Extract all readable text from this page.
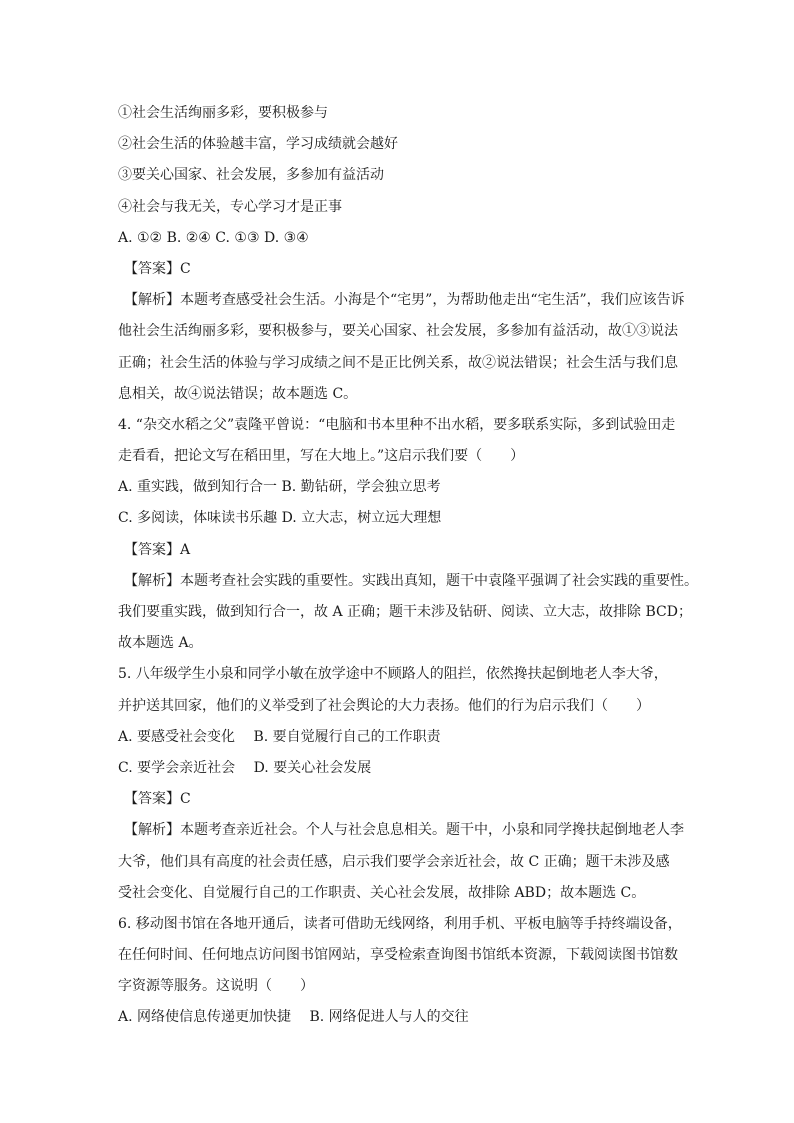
①社会生活绚丽多彩，要积极参与
②社会生活的体验越丰富，学习成绩就会越好
③要关心国家、社会发展，多参加有益活动
④社会与我无关，专心学习才是正事
A. ①② B. ②④ C. ①③ D. ③④
【答案】C
【解析】本题考查感受社会生活。小海是个“宅男”，为帮助他走出“宅生活”，我们应该告诉
他社会生活绚丽多彩，要积极参与，要关心国家、社会发展，多参加有益活动，故①③说法
正确；社会生活的体验与学习成绩之间不是正比例关系，故②说法错误；社会生活与我们息
息相关，故④说法错误；故本题选 C。
4. “杂交水稻之父”袁隆平曾说：“电脑和书本里种不出水稻，要多联系实际，多到试验田走
走看看，把论文写在稻田里，写在大地上。”这启示我们要（　　）
A. 重实践，做到知行合一 B. 勤钻研，学会独立思考
C. 多阅读，体味读书乐趣 D. 立大志，树立远大理想
【答案】A
【解析】本题考查社会实践的重要性。实践出真知，题干中袁隆平强调了社会实践的重要性。
我们要重实践，做到知行合一，故 A 正确；题干未涉及钻研、阅读、立大志，故排除 BCD；
故本题选 A。
5. 八年级学生小泉和同学小敏在放学途中不顾路人的阻拦，依然搀扶起倒地老人李大爷，
并护送其回家，他们的义举受到了社会舆论的大力表扬。他们的行为启示我们（　　）
A. 要感受社会变化　 B. 要自觉履行自己的工作职责
C. 要学会亲近社会　 D. 要关心社会发展
【答案】C
【解析】本题考查亲近社会。个人与社会息息相关。题干中，小泉和同学搀扶起倒地老人李
大爷，他们具有高度的社会责任感，启示我们要学会亲近社会，故 C 正确；题干未涉及感
受社会变化、自觉履行自己的工作职责、关心社会发展，故排除 ABD；故本题选 C。
6. 移动图书馆在各地开通后，读者可借助无线网络，利用手机、平板电脑等手持终端设备，
在任何时间、任何地点访问图书馆网站，享受检索查询图书馆纸本资源，下载阅读图书馆数
字资源等服务。这说明（　　）
A. 网络使信息传递更加快捷　 B. 网络促进人与人的交往
